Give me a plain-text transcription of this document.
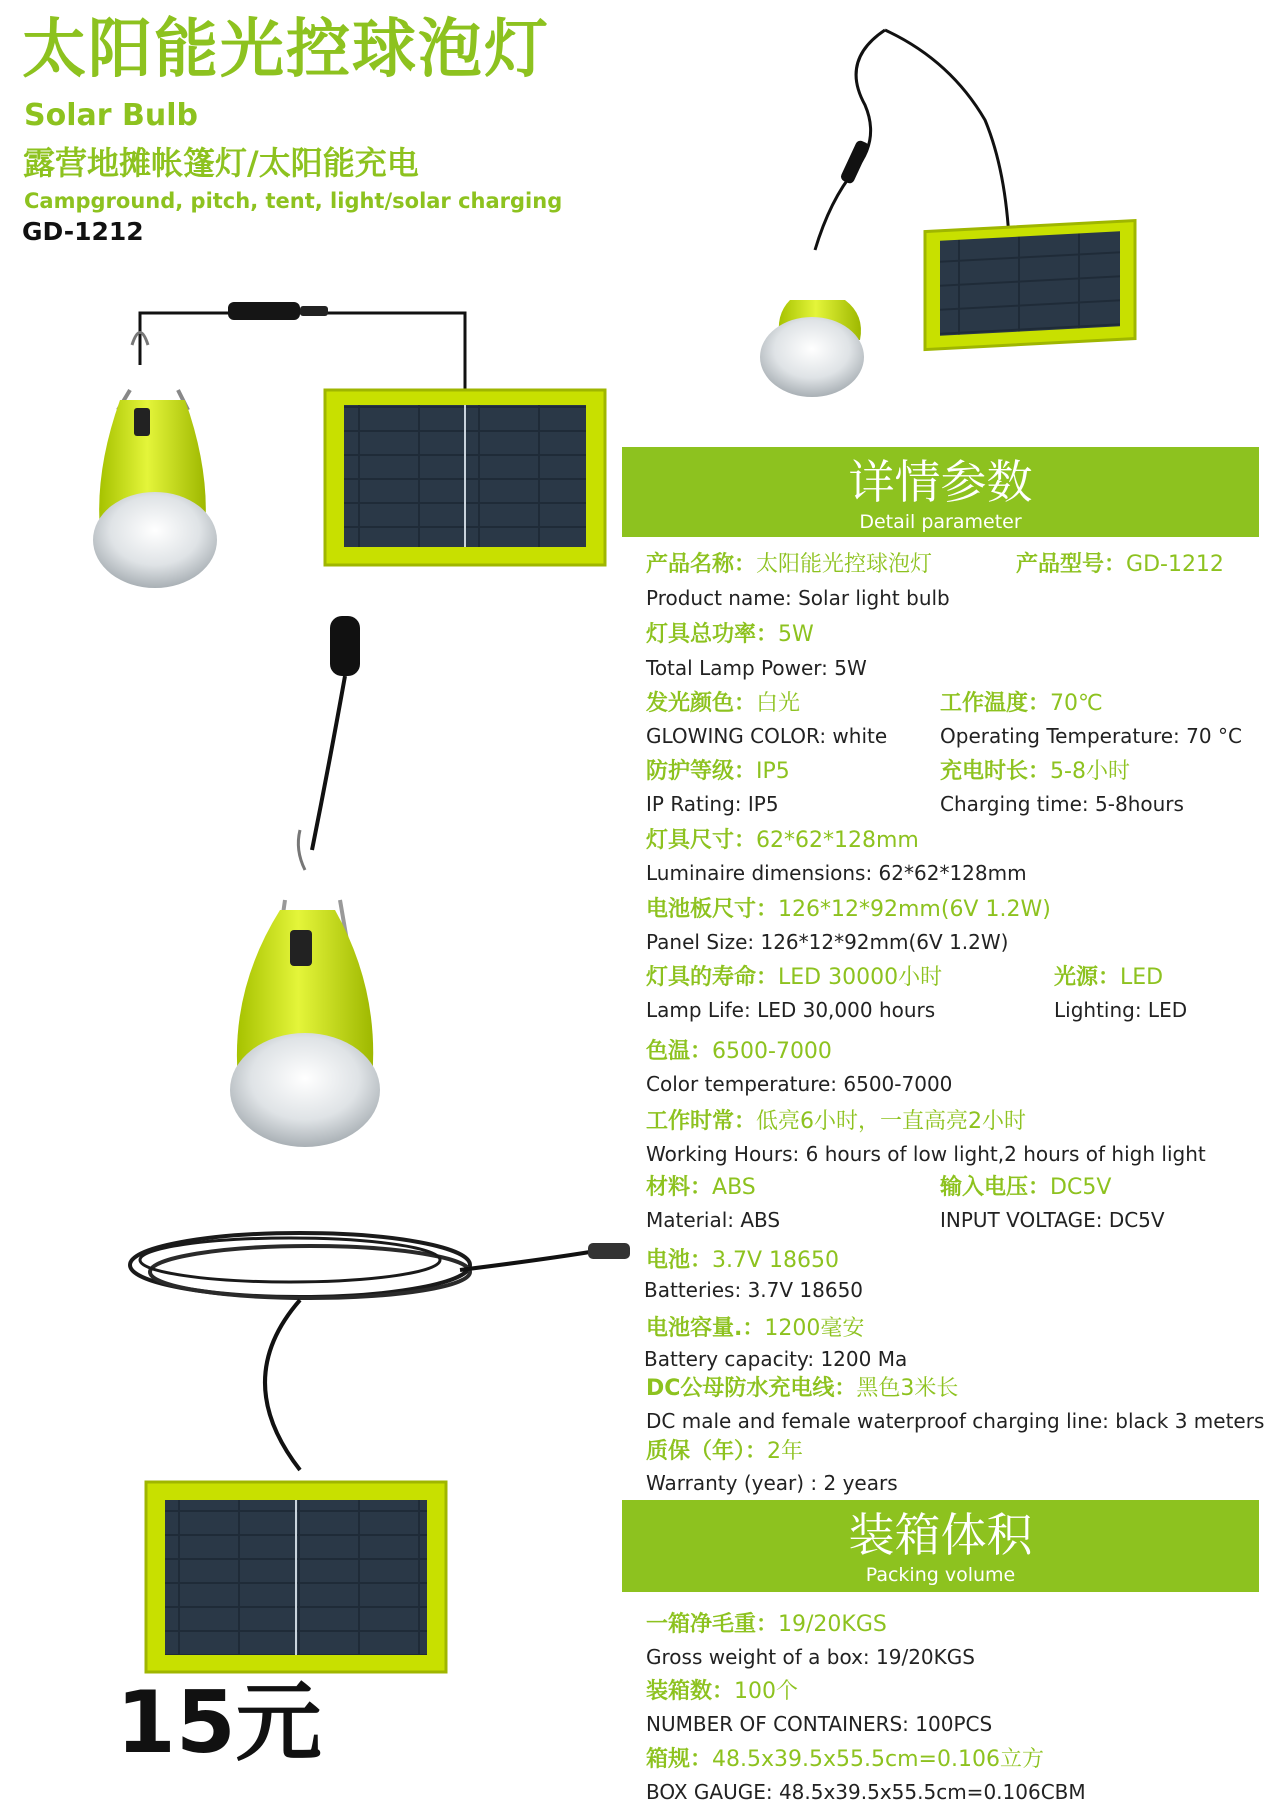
太阳能光控球泡灯
Solar Bulb
露营地摊帐篷灯/太阳能充电
Campground, pitch, tent, light/solar charging
GD-1212
详情参数
Detail parameter
产品名称：太阳能光控球泡灯	产品型号：GD-1212
Product name: Solar light bulb
灯具总功率：5W
Total Lamp Power: 5W
发光颜色：白光	工作温度：70℃
GLOWING COLOR: white	Operating Temperature: 70 °C
防护等级：IP5	充电时长：5-8小时
IP Rating: IP5	Charging time: 5-8hours
灯具尺寸：62*62*128mm
Luminaire dimensions: 62*62*128mm
电池板尺寸：126*12*92mm(6V 1.2W)
Panel Size: 126*12*92mm(6V 1.2W)
灯具的寿命：LED 30000小时	光源：LED
Lamp Life: LED 30,000 hours	Lighting: LED
色温：6500-7000
Color temperature: 6500-7000
工作时常：低亮6小时，一直高亮2小时
Working Hours: 6 hours of low light,2 hours of high light
材料：ABS	输入电压：DC5V
Material: ABS	INPUT VOLTAGE: DC5V
电池：3.7V 18650
Batteries: 3.7V 18650
电池容量.：1200毫安
Battery capacity: 1200 Ma
DC公母防水充电线：黑色3米长
DC male and female waterproof charging line: black 3 meters
质保（年）：2年
Warranty (year) : 2 years
装箱体积
Packing volume
一箱净毛重：19/20KGS
Gross weight of a box: 19/20KGS
装箱数：100个
NUMBER OF CONTAINERS: 100PCS
箱规：48.5x39.5x55.5cm=0.106立方
BOX GAUGE: 48.5x39.5x55.5cm=0.106CBM
15元
